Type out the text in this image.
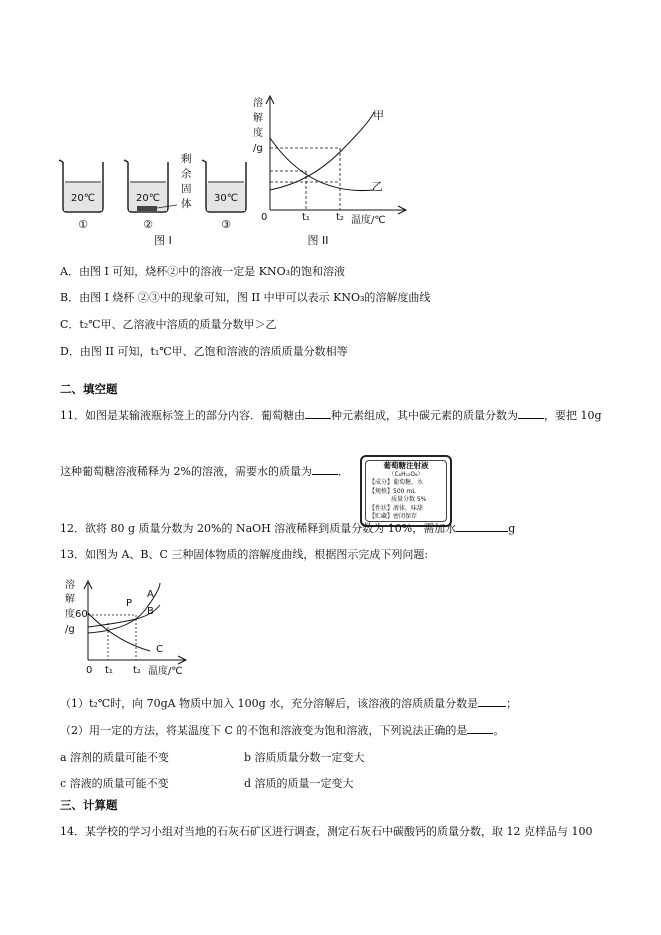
20℃	20℃	30℃
①	②	③
剩
余
固
体
图 I
溶
解
度
/g
0	t₁	t₂ 温度/℃
甲
乙
图 II
A．由图 I 可知，烧杯②中的溶液一定是 KNO₃的饱和溶液
B．由图 I 烧杯 ②③中的现象可知，图 II 中甲可以表示 KNO₃的溶解度曲线
C．t₂℃甲、乙溶液中溶质的质量分数甲＞乙
D．由图 II 可知，t₁℃甲、乙饱和溶液的溶质质量分数相等
二、填空题
11．如图是某输液瓶标签上的部分内容．葡萄糖由 种元素组成，其中碳元素的质量分数为 ，要把 10g
这种葡萄糖溶液稀释为 2%的溶液，需要水的质量为 ．	葡萄糖注射液
（C₆H₁₂O₆）
【成分】葡萄糖，水
【规格】500 mL
质量分数 5%
【性状】液体，味甜
【贮藏】密闭保存
12．欲将 80 g 质量分数为 20%的 NaOH 溶液稀释到质量分数为 10%，需加水	g
13．如图为 A、B、C 三种固体物质的溶解度曲线，根据图示完成下列问题:
溶
解
度60
/g
0 t₁ t₂ 温度/℃
P
A
B
C
（1）t₂℃时，向 70gA 物质中加入 100g 水，充分溶解后，该溶液的溶质质量分数是	；
（2）用一定的方法，将某温度下 C 的不饱和溶液变为饱和溶液，下列说法正确的是 。
a 溶剂的质量可能不变	b 溶质质量分数一定变大
c 溶液的质量可能不变	d 溶质的质量一定变大
三、计算题
14．某学校的学习小组对当地的石灰石矿区进行调查，测定石灰石中碳酸钙的质量分数，取 12 克样品与 100
